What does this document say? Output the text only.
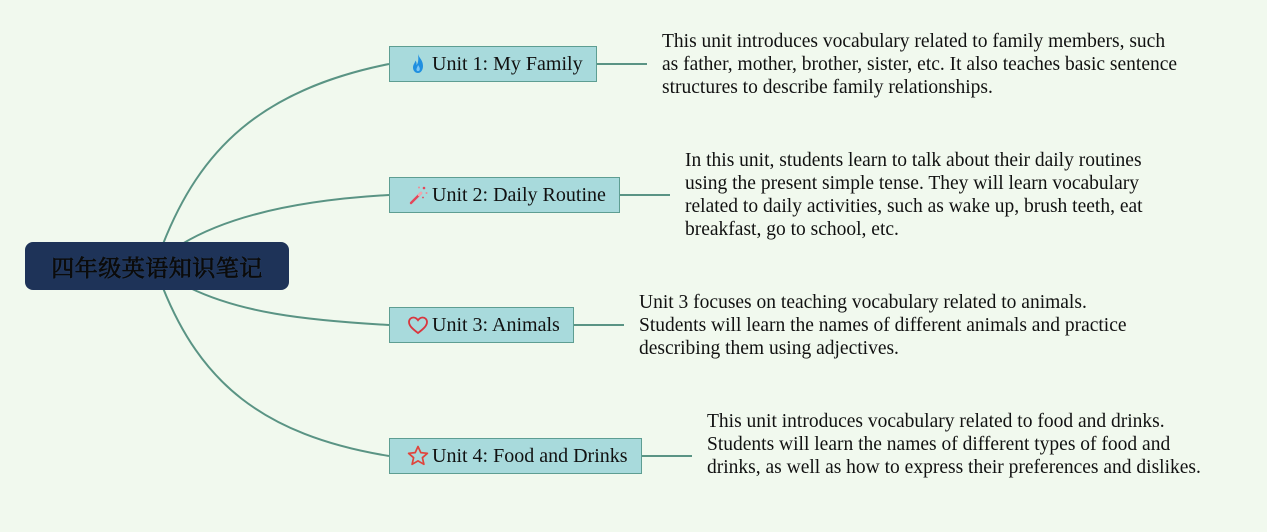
四年级英语知识笔记
Unit 1: My Family
This unit introduces vocabulary related to family members, such as father, mother, brother, sister, etc. It also teaches basic sentence structures to describe family relationships.
Unit 2: Daily Routine
In this unit, students learn to talk about their daily routines using the present simple tense. They will learn vocabulary related to daily activities, such as wake up, brush teeth, eat breakfast, go to school, etc.
Unit 3: Animals
Unit 3 focuses on teaching vocabulary related to animals. Students will learn the names of different animals and practice describing them using adjectives.
Unit 4: Food and Drinks
This unit introduces vocabulary related to food and drinks. Students will learn the names of different types of food and drinks, as well as how to express their preferences and dislikes.
